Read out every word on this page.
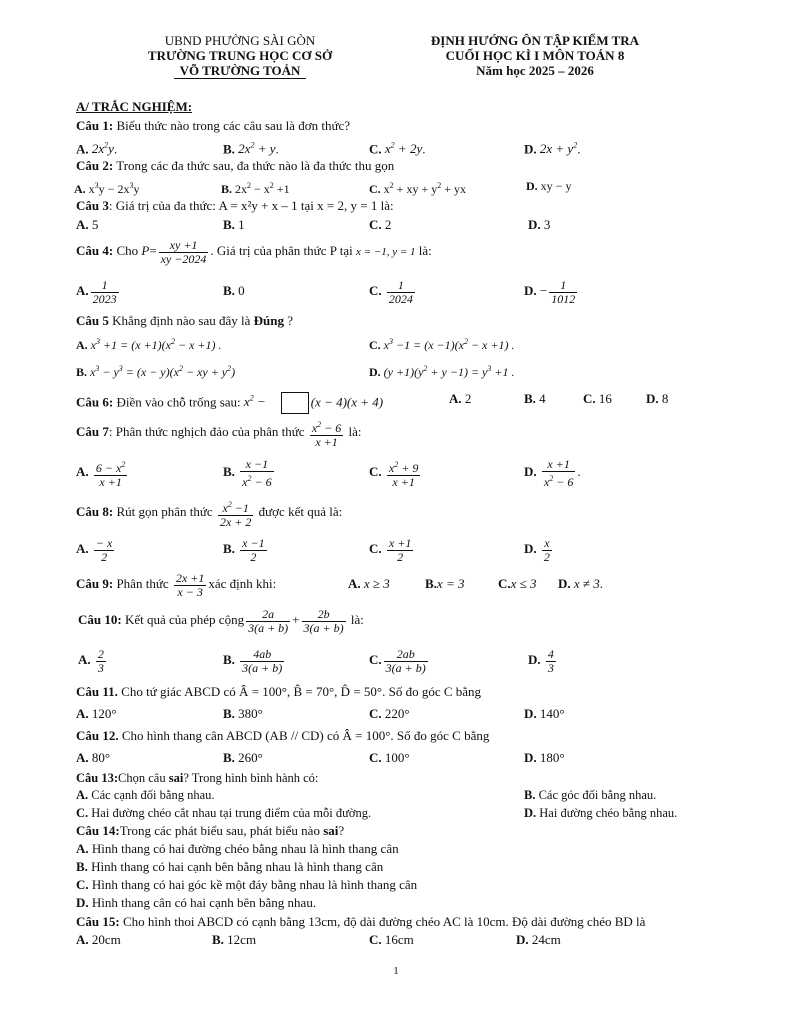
UBND PHƯỜNG SÀI GÒN
TRƯỜNG TRUNG HỌC CƠ SỞ
VÕ TRƯỜNG TOẢN
ĐỊNH HƯỚNG ÔN TẬP KIỂM TRA
CUỐI HỌC KÌ I MÔN TOÁN 8
Năm học 2025 – 2026
A/ TRẮC NGHIỆM:
Câu 1: Biểu thức nào trong các câu sau là đơn thức?
A. $2x^2y$.	B. $2x^2 + y$.	C. $x^2 + 2y$.	D. $2x + y^2$.
Câu 2: Trong các đa thức sau, đa thức nào là đa thức thu gọn
A. $x^3y - 2x^3y$	B. $2x^2 - x^2 +1$	C. $x^2$ + xy + $y^2$ + yx	D. xy − y
Câu 3: Giá trị của đa thức: A = x²y + x – 1 tại x = 2, y = 1 là:
A. 5	B. 1	C. 2	D. 3
Câu 4: Cho $P= \frac{xy +1}{xy -2024}$ . Giá trị của phân thức P tại x = −1, y = 1 là:
A. $\frac{1}{2023}$	B. 0	C. $\frac{1}{2024}$	D. − $\frac{1}{1012}$
Câu 5 Khẳng định nào sau đây là Đúng ?
A. $x^3 +1 = (x +1)(x^2 - x +1)$ .	C. $x^3 -1 = (x -1)(x^2 - x +1)$ .
B. $x^3 - y^3 = (x - y)(x^2$ − xy + $y^2$)	D. $(y +1)(y^2 + y -1) = y^3 +1$ .
Câu 6: Điền vào chỗ trống sau: $x^2$ −	(x − 4)(x + 4)	A. 2	B. 4	C. 16	D. 8
Câu 7: Phân thức nghịch đảo của phân thức $\frac{x^2 - 6}{x +1}$ là:
A. $\frac{6 - x^2}{x +1}$	B. $\frac{x -1}{x^2 - 6}$	C. $\frac{x^2 + 9}{x +1}$	D. $\frac{x +1}{x^2 - 6}$ .
Câu 8: Rút gọn phân thức $\frac{x^2 -1}{2x + 2}$ được kết quả là:
A. $\frac{- x}{2}$	B. $\frac{x -1}{2}$	C. $\frac{x +1}{2}$	D. $\frac{x}{2}$
Câu 9: Phân thức $\frac{2x +1}{x - 3}$ xác định khi:	A. x ≥ 3	B.x = 3	C.x ≤ 3 D. x ≠ 3.
Câu 10: Kết quả của phép cộng $\frac{2a}{3(a + b)} + \frac{2b}{3(a + b)}$ là:
A. $\frac{2}{3}$	B. $\frac{4ab}{3(a + b)}$	C. $\frac{2ab}{3(a + b)}$	D. $\frac{4}{3}$
Câu 11. Cho tứ giác ABCD có Â = 100°, B̂ = 70°, D̂ = 50°. Số đo góc C bằng
A. 120°	B. 380°	C. 220°	D. 140°
Câu 12. Cho hình thang cân ABCD (AB // CD) có Â = 100°. Số đo góc C bằng
A. 80°	B. 260°	C. 100°	D. 180°
Câu 13:Chọn câu sai? Trong hình bình hành có:
A. Các cạnh đối bằng nhau.	B. Các góc đối bằng nhau.
C. Hai đường chéo cắt nhau tại trung điểm của mỗi đường.	D. Hai đường chéo bằng nhau.
Câu 14:Trong các phát biểu sau, phát biểu nào sai?
A. Hình thang có hai đường chéo bằng nhau là hình thang cân
B. Hình thang có hai cạnh bên bằng nhau là hình thang cân
C. Hình thang có hai góc kề một đáy bằng nhau là hình thang cân
D. Hình thang cân có hai cạnh bên bằng nhau.
Câu 15: Cho hình thoi ABCD có cạnh bằng 13cm, độ dài đường chéo AC là 10cm. Độ dài đường chéo BD là
A. 20cm	B. 12cm	C. 16cm	D. 24cm
1
